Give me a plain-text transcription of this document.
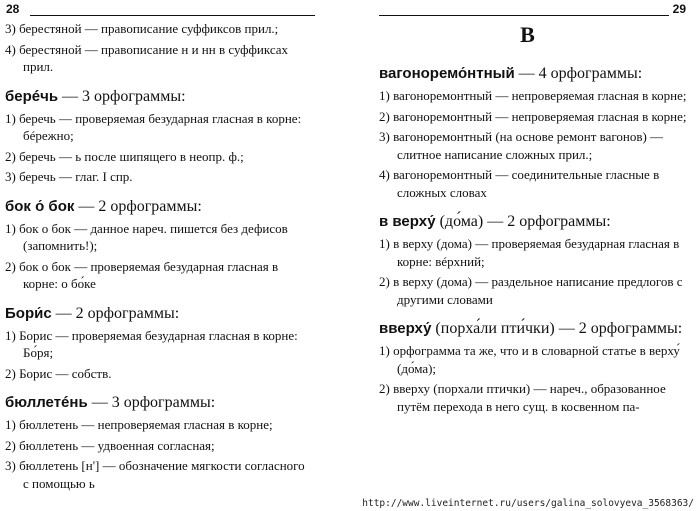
28
3) берестяной — правописание суффиксов прил.;
4) берестяной — правописание н и нн в суффиксах прил.
берéчь — 3 орфограммы:
1) беречь — проверяемая безударная гласная в корне: бéрежно;
2) беречь — ь после шипящего в неопр. ф.;
3) беречь — глаг. I спр.
бок о́ бок — 2 орфограммы:
1) бок о бок — данное нареч. пишется без дефисов (запомнить!);
2) бок о бок — проверяемая безударная гласная в корне: о бо́ке
Бори́с — 2 орфограммы:
1) Борис — проверяемая безударная гласная в корне: Бо́ря;
2) Борис — собств.
бюллетéнь — 3 орфограммы:
1) бюллетень — непроверяемая гласная в корне;
2) бюллетень — удвоенная согласная;
3) бюллетень [н'] — обозначение мягкости согласного с помощью ь
29
В
вагоноремо́нтный — 4 орфограммы:
1) вагоноремонтный — непроверяемая гласная в корне;
2) вагоноремонтный — непроверяемая гласная в корне;
3) вагоноремонтный (на основе ремонт вагонов) — слитное написание сложных прил.;
4) вагоноремонтный — соединительные гласные в сложных словах
в верху́ (до́ма) — 2 орфограммы:
1) в верху (дома) — проверяемая безударная гласная в корне: вéрхний;
2) в верху (дома) — раздельное написание предлогов с другими словами
вверху́ (порха́ли пти́чки) — 2 орфограммы:
1) орфограмма та же, что и в словарной статье в верху́ (до́ма);
2) вверху (порхали птички) — нареч., образованное путём перехода в него сущ. в косвенном па-
http://www.liveinternet.ru/users/galina_solovyeva_3568363/
